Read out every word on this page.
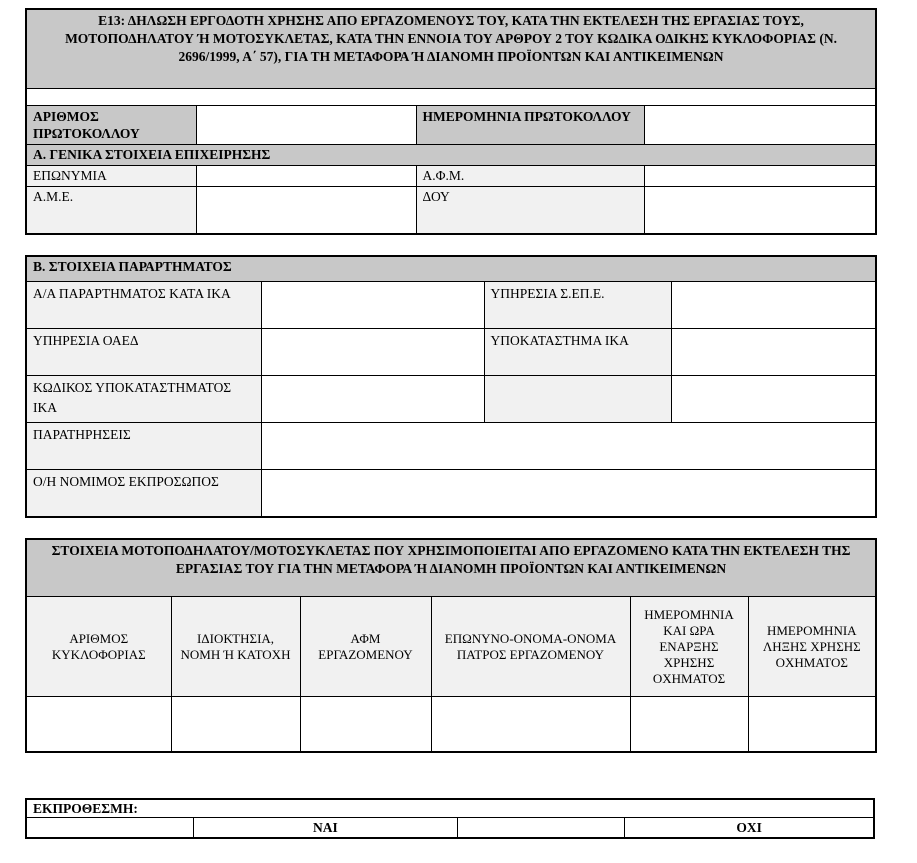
Ε13: ΔΗΛΩΣΗ ΕΡΓΟΔΟΤΗ ΧΡΗΣΗΣ ΑΠΟ ΕΡΓΑΖΟΜΕΝΟΥΣ ΤΟΥ, ΚΑΤΑ ΤΗΝ ΕΚΤΕΛΕΣΗ ΤΗΣ ΕΡΓΑΣΙΑΣ ΤΟΥΣ, ΜΟΤΟΠΟΔΗΛΑΤΟΥ Ή ΜΟΤΟΣΥΚΛΕΤΑΣ, ΚΑΤΑ ΤΗΝ ΕΝΝΟΙΑ ΤΟΥ ΑΡΘΡΟΥ 2 ΤΟΥ ΚΩΔΙΚΑ ΟΔΙΚΗΣ ΚΥΚΛΟΦΟΡΙΑΣ (Ν. 2696/1999, Α΄ 57), ΓΙΑ ΤΗ ΜΕΤΑΦΟΡΑ Ή ΔΙΑΝΟΜΗ ΠΡΟΪΟΝΤΩΝ ΚΑΙ ΑΝΤΙΚΕΙΜΕΝΩΝ			

ΑΡΙΘΜΟΣ ΠΡΩΤΟΚΟΛΛΟΥ		ΗΜΕΡΟΜΗΝΙΑ ΠΡΩΤΟΚΟΛΛΟΥ	
Α. ΓΕΝΙΚΑ ΣΤΟΙΧΕΙΑ ΕΠΙΧΕΙΡΗΣΗΣ			
ΕΠΩΝΥΜΙΑ		Α.Φ.Μ.	
Α.Μ.Ε.		ΔΟΥ	
Β. ΣΤΟΙΧΕΙΑ ΠΑΡΑΡΤΗΜΑΤΟΣ			
Α/Α ΠΑΡΑΡΤΗΜΑΤΟΣ ΚΑΤΑ ΙΚΑ		ΥΠΗΡΕΣΙΑ Σ.ΕΠ.Ε.	
ΥΠΗΡΕΣΙΑ ΟΑΕΔ		ΥΠΟΚΑΤΑΣΤΗΜΑ ΙΚΑ	
ΚΩΔΙΚΟΣ ΥΠΟΚΑΤΑΣΤΗΜΑΤΟΣ ΙΚΑ			
ΠΑΡΑΤΗΡΗΣΕΙΣ			
Ο/Η ΝΟΜΙΜΟΣ ΕΚΠΡΟΣΩΠΟΣ			
ΣΤΟΙΧΕΙΑ ΜΟΤΟΠΟΔΗΛΑΤΟΥ/ΜΟΤΟΣΥΚΛΕΤΑΣ ΠΟΥ ΧΡΗΣΙΜΟΠΟΙΕΙΤΑΙ ΑΠΟ ΕΡΓΑΖΟΜΕΝΟ ΚΑΤΑ ΤΗΝ ΕΚΤΕΛΕΣΗ ΤΗΣ ΕΡΓΑΣΙΑΣ ΤΟΥ ΓΙΑ ΤΗΝ ΜΕΤΑΦΟΡΑ Ή ΔΙΑΝΟΜΗ ΠΡΟΪΟΝΤΩΝ ΚΑΙ ΑΝΤΙΚΕΙΜΕΝΩΝ					
ΑΡΙΘΜΟΣ ΚΥΚΛΟΦΟΡΙΑΣ	ΙΔΙΟΚΤΗΣΙΑ, ΝΟΜΗ Ή ΚΑΤΟΧΗ	ΑΦΜ ΕΡΓΑΖΟΜΕΝΟΥ	ΕΠΩΝΥΝΟ-ΟΝΟΜΑ-ΟΝΟΜΑ ΠΑΤΡΟΣ ΕΡΓΑΖΟΜΕΝΟΥ	ΗΜΕΡΟΜΗΝΙΑ ΚΑΙ ΩΡΑ ΕΝΑΡΞΗΣ ΧΡΗΣΗΣ ΟΧΗΜΑΤΟΣ	ΗΜΕΡΟΜΗΝΙΑ ΛΗΞΗΣ ΧΡΗΣΗΣ ΟΧΗΜΑΤΟΣ

ΕΚΠΡΟΘΕΣΜΗ:
	ΝΑΙ		ΟΧΙ
